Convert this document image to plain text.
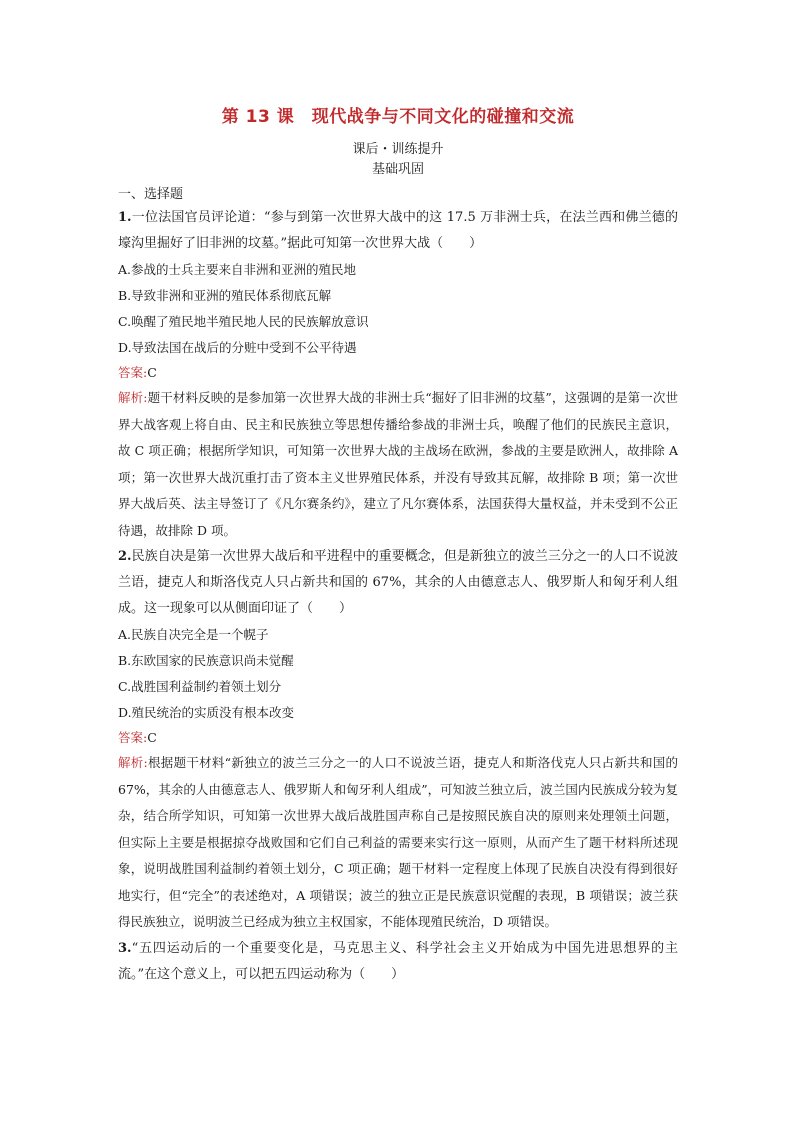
第 13 课　现代战争与不同文化的碰撞和交流
课后・训练提升
基础巩固
一、选择题

1.一位法国官员评论道：“参与到第一次世界大战中的这 17.5 万非洲士兵，在法兰西和佛兰德的壕沟里掘好了旧非洲的坟墓。”据此可知第一次世界大战（　　）

A.参战的士兵主要来自非洲和亚洲的殖民地

B.导致非洲和亚洲的殖民体系彻底瓦解

C.唤醒了殖民地半殖民地人民的民族解放意识

D.导致法国在战后的分赃中受到不公平待遇

答案:C

解析:题干材料反映的是参加第一次世界大战的非洲士兵“掘好了旧非洲的坟墓”，这强调的是第一次世界大战客观上将自由、民主和民族独立等思想传播给参战的非洲士兵，唤醒了他们的民族民主意识，故 C 项正确；根据所学知识，可知第一次世界大战的主战场在欧洲，参战的主要是欧洲人，故排除 A 项；第一次世界大战沉重打击了资本主义世界殖民体系，并没有导致其瓦解，故排除 B 项；第一次世界大战后英、法主导签订了《凡尔赛条约》，建立了凡尔赛体系，法国获得大量权益，并未受到不公正待遇，故排除 D 项。

2.民族自决是第一次世界大战后和平进程中的重要概念，但是新独立的波兰三分之一的人口不说波兰语，捷克人和斯洛伐克人只占新共和国的 67%，其余的人由德意志人、俄罗斯人和匈牙利人组成。这一现象可以从侧面印证了（　　）

A.民族自决完全是一个幌子

B.东欧国家的民族意识尚未觉醒

C.战胜国利益制约着领土划分

D.殖民统治的实质没有根本改变

答案:C

解析:根据题干材料“新独立的波兰三分之一的人口不说波兰语，捷克人和斯洛伐克人只占新共和国的 67%，其余的人由德意志人、俄罗斯人和匈牙利人组成”，可知波兰独立后，波兰国内民族成分较为复杂，结合所学知识，可知第一次世界大战后战胜国声称自己是按照民族自决的原则来处理领土问题，但实际上主要是根据掠夺战败国和它们自己利益的需要来实行这一原则，从而产生了题干材料所述现象，说明战胜国利益制约着领土划分，C 项正确；题干材料一定程度上体现了民族自决没有得到很好地实行，但“完全”的表述绝对，A 项错误；波兰的独立正是民族意识觉醒的表现，B 项错误；波兰获得民族独立，说明波兰已经成为独立主权国家，不能体现殖民统治，D 项错误。

3.“五四运动后的一个重要变化是，马克思主义、科学社会主义开始成为中国先进思想界的主流。”在这个意义上，可以把五四运动称为（　　）
